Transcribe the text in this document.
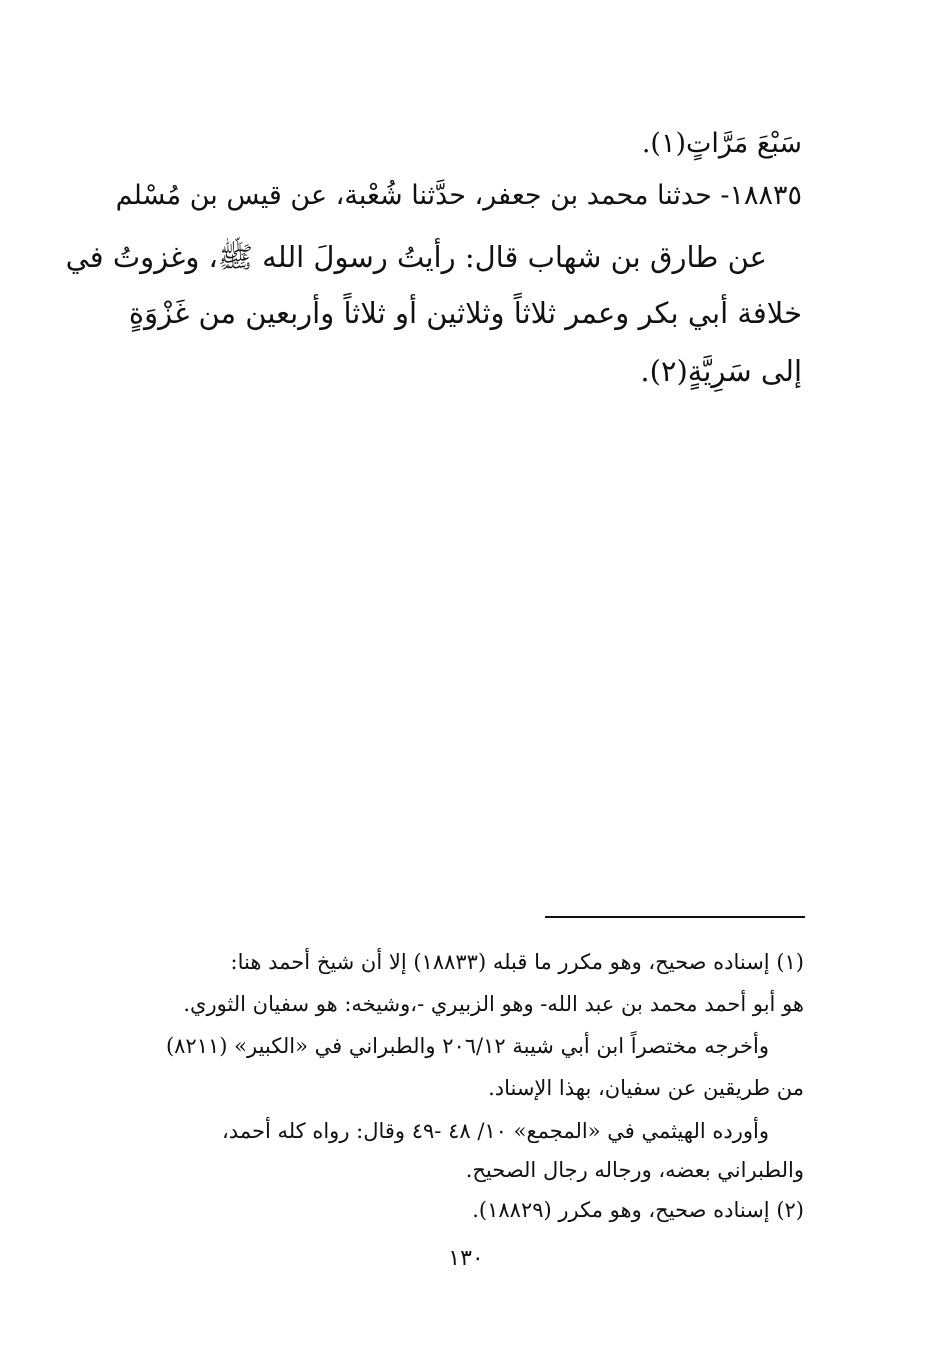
سَبْعَ مَرَّاتٍ(١).
١٨٨٣٥- حدثنا محمد بن جعفر، حدَّثنا شُعْبة، عن قيس بن مُسْلم
عن طارق بن شهاب قال: رأيتُ رسولَ الله ﷺ، وغزوتُ في
خلافة أبي بكر وعمر ثلاثاً وثلاثين أو ثلاثاً وأربعين من غَزْوَةٍ
إلى سَرِيَّةٍ(٢).
(١) إسناده صحيح، وهو مكرر ما قبله (١٨٨٣٣) إلا أن شيخ أحمد هنا:
هو أبو أحمد محمد بن عبد الله- وهو الزبيري -،وشيخه: هو سفيان الثوري.
وأخرجه مختصراً ابن أبي شيبة ٢٠٦/١٢ والطبراني في «الكبير» (٨٢١١)
من طريقين عن سفيان، بهذا الإسناد.
وأورده الهيثمي في «المجمع» ١٠/ ٤٨ -٤٩ وقال: رواه كله أحمد،
والطبراني بعضه، ورجاله رجال الصحيح.
(٢) إسناده صحيح، وهو مكرر (١٨٨٢٩).
١٣٠
